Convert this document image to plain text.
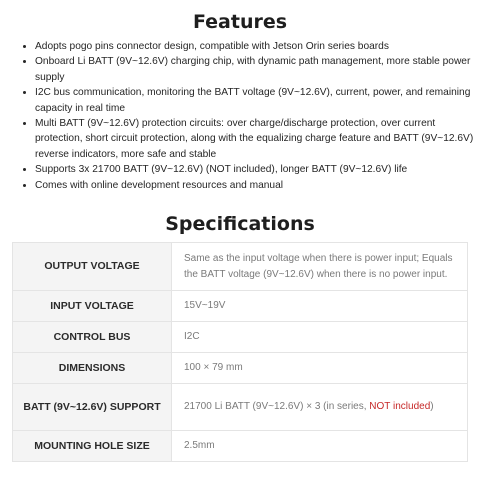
Features
• Adopts pogo pins connector design, compatible with Jetson Orin series boards
• Onboard Li BATT (9V~12.6V) charging chip, with dynamic path management, more stable power supply
• I2C bus communication, monitoring the BATT voltage (9V~12.6V), current, power, and remaining capacity in real time
• Multi BATT (9V~12.6V) protection circuits: over charge/discharge protection, over current protection, short circuit protection, along with the equalizing charge feature and BATT (9V~12.6V) reverse indicators, more safe and stable
• Supports 3x 21700 BATT (9V~12.6V) (NOT included), longer BATT (9V~12.6V) life
• Comes with online development resources and manual
Specifications
OUTPUT VOLTAGE	Same as the input voltage when there is power input; Equals the BATT voltage (9V~12.6V) when there is no power input.
INPUT VOLTAGE	15V~19V
CONTROL BUS	I2C
DIMENSIONS	100 × 79 mm
BATT (9V~12.6V) SUPPORT	21700 Li BATT (9V~12.6V) × 3 (in series, NOT included)
MOUNTING HOLE SIZE	2.5mm
